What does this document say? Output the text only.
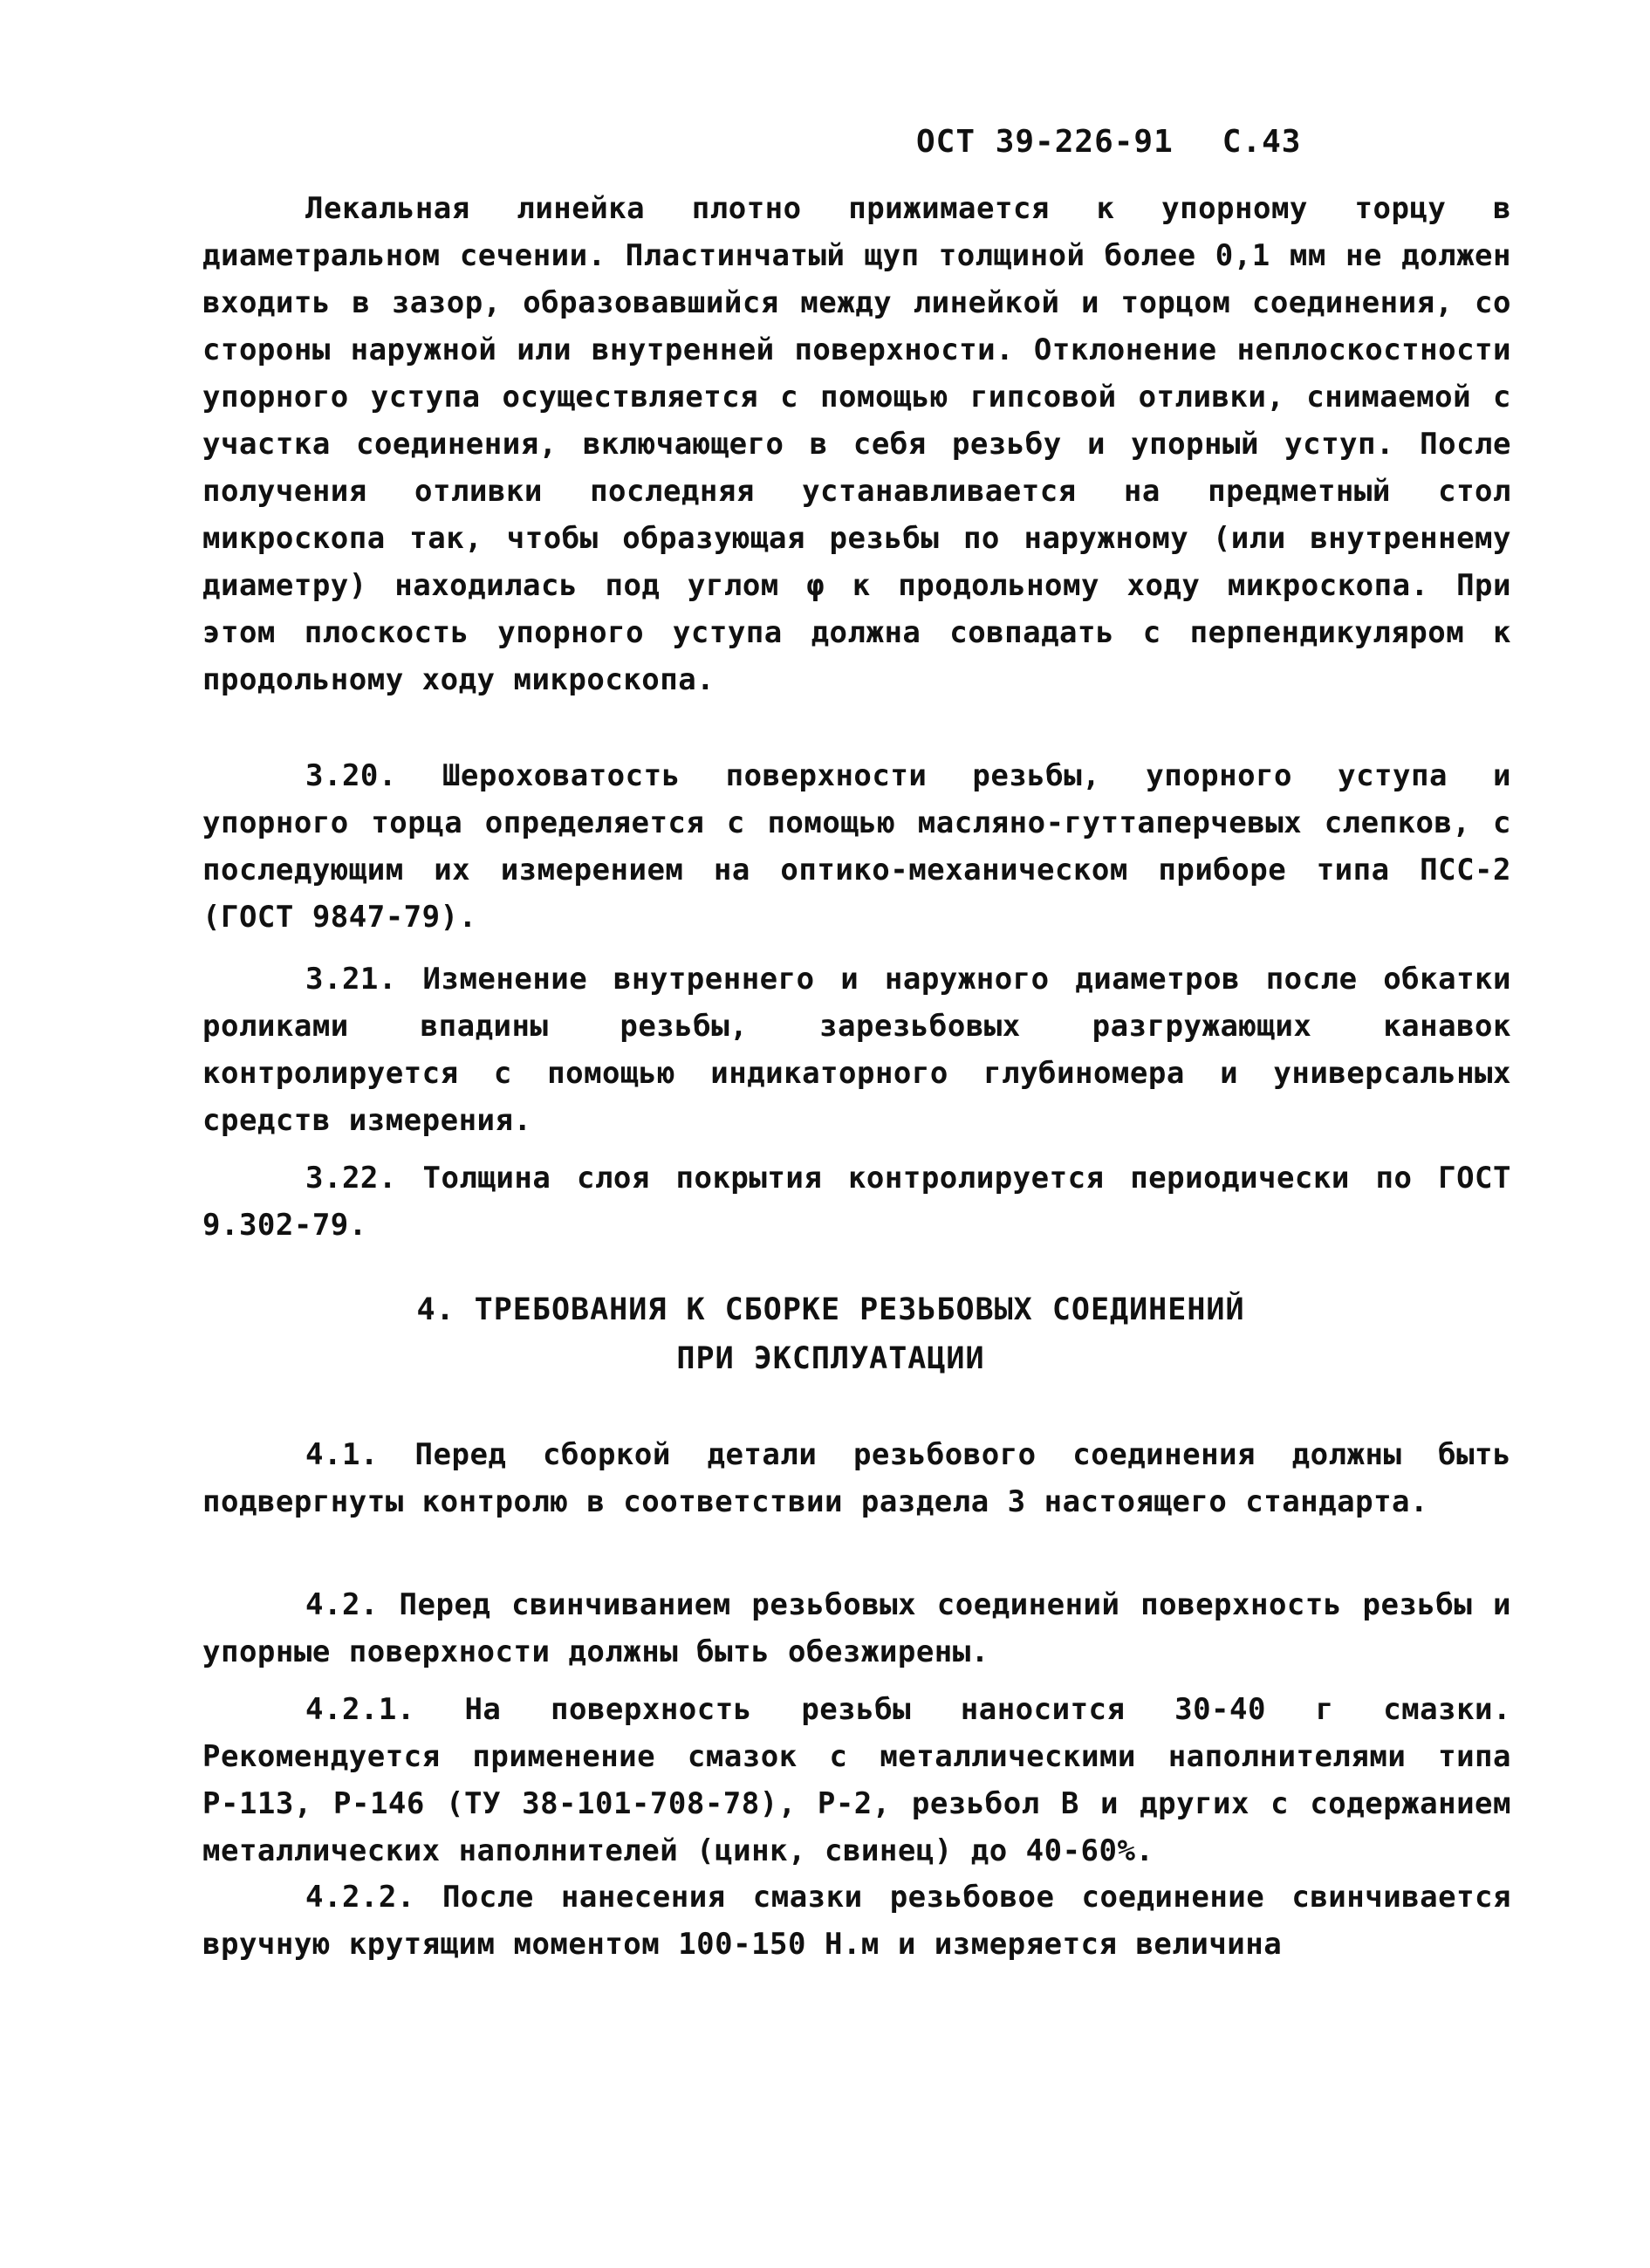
ОСТ 39-226-91 С.43

Лекальная линейка плотно прижимается к упорному торцу в диаметральном сечении. Пластинчатый щуп толщиной более 0,1 мм не должен входить в зазор, образовавшийся между линейкой и торцом соединения, со стороны наружной или внутренней поверхности. Отклонение неплоскостности упорного уступа осуществляется с помощью гипсовой отливки, снимаемой с участка соединения, включающего в себя резьбу и упорный уступ. После получения отливки последняя устанавливается на предметный стол микроскопа так, чтобы образующая резьбы по наружному (или внутреннему диаметру) находилась под углом φ к продольному ходу микроскопа. При этом плоскость упорного уступа должна совпадать с перпендикуляром к продольному ходу микроскопа.

3.20. Шероховатость поверхности резьбы, упорного уступа и упорного торца определяется с помощью масляно-гуттаперчевых слепков, с последующим их измерением на оптико-механическом приборе типа ПСС-2 (ГОСТ 9847-79).

3.21. Изменение внутреннего и наружного диаметров после обкатки роликами впадины резьбы, зарезьбовых разгружающих канавок контролируется с помощью индикаторного глубиномера и универсальных средств измерения.

3.22. Толщина слоя покрытия контролируется периодически по ГОСТ 9.302-79.

4. ТРЕБОВАНИЯ К СБОРКЕ РЕЗЬБОВЫХ СОЕДИНЕНИЙ
ПРИ ЭКСПЛУАТАЦИИ

4.1. Перед сборкой детали резьбового соединения должны быть подвергнуты контролю в соответствии раздела 3 настоящего стандарта.

4.2. Перед свинчиванием резьбовых соединений поверхность резьбы и упорные поверхности должны быть обезжирены.

4.2.1. На поверхность резьбы наносится 30-40 г смазки. Рекомендуется применение смазок с металлическими наполнителями типа Р-113, Р-146 (ТУ 38-101-708-78), Р-2, резьбол В и других с содержанием металлических наполнителей (цинк, свинец) до 40-60%.

4.2.2. После нанесения смазки резьбовое соединение свинчивается вручную крутящим моментом 100-150 Н.м и измеряется величина
